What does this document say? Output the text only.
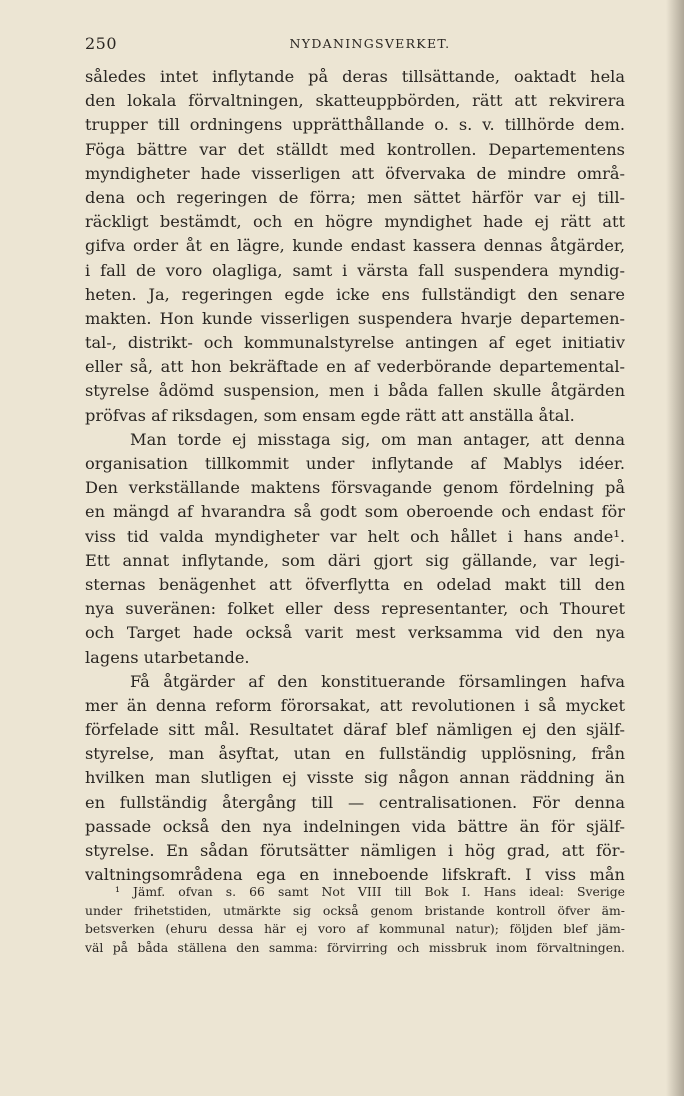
250	NYDANINGSVERKET.
således intet inflytande på deras tillsättande, oaktadt hela
den lokala förvaltningen, skatteuppbörden, rätt att rekvirera
trupper till ordningens upprätthållande o. s. v. tillhörde dem.
Föga bättre var det ställdt med kontrollen. Departementens
myndigheter hade visserligen att öfvervaka de mindre områ-
dena och regeringen de förra; men sättet härför var ej till-
räckligt bestämdt, och en högre myndighet hade ej rätt att
gifva order åt en lägre, kunde endast kassera dennas åtgärder,
i fall de voro olagliga, samt i värsta fall suspendera myndig-
heten. Ja, regeringen egde icke ens fullständigt den senare
makten. Hon kunde visserligen suspendera hvarje departemen-
tal-, distrikt- och kommunalstyrelse antingen af eget initiativ
eller så, att hon bekräftade en af vederbörande departemental-
styrelse ådömd suspension, men i båda fallen skulle åtgärden
pröfvas af riksdagen, som ensam egde rätt att anställa åtal.
Man torde ej misstaga sig, om man antager, att denna
organisation tillkommit under inflytande af Mablys idéer.
Den verkställande maktens försvagande genom fördelning på
en mängd af hvarandra så godt som oberoende och endast för
viss tid valda myndigheter var helt och hållet i hans ande¹.
Ett annat inflytande, som däri gjort sig gällande, var legi-
sternas benägenhet att öfverflytta en odelad makt till den
nya suveränen: folket eller dess representanter, och Thouret
och Target hade också varit mest verksamma vid den nya
lagens utarbetande.
Få åtgärder af den konstituerande församlingen hafva
mer än denna reform förorsakat, att revolutionen i så mycket
förfelade sitt mål. Resultatet däraf blef nämligen ej den själf-
styrelse, man åsyftat, utan en fullständig upplösning, från
hvilken man slutligen ej visste sig någon annan räddning än
en fullständig återgång till — centralisationen. För denna
passade också den nya indelningen vida bättre än för själf-
styrelse. En sådan förutsätter nämligen i hög grad, att för-
valtningsområdena ega en inneboende lifskraft. I viss mån
¹ Jämf. ofvan s. 66 samt Not VIII till Bok I. Hans ideal: Sverige
under frihetstiden, utmärkte sig också genom bristande kontroll öfver äm-
betsverken (ehuru dessa här ej voro af kommunal natur); följden blef jäm-
väl på båda ställena den samma: förvirring och missbruk inom förvaltningen.
